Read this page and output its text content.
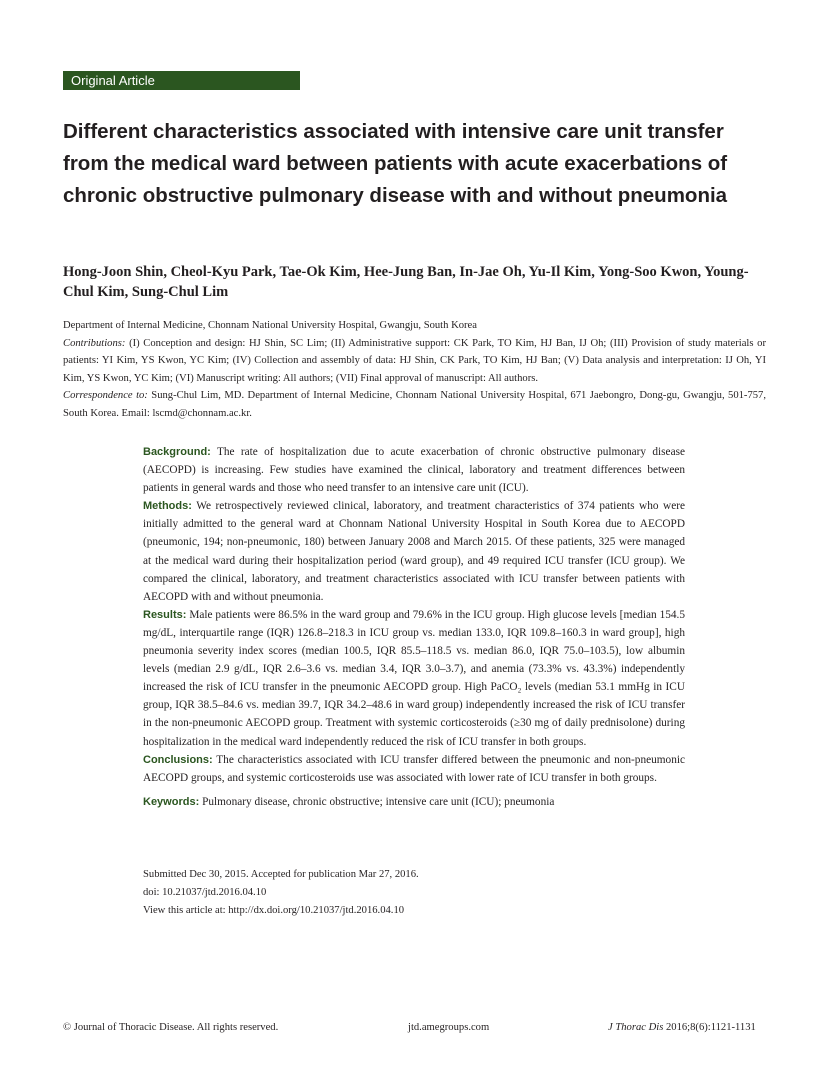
Original Article
Different characteristics associated with intensive care unit transfer from the medical ward between patients with acute exacerbations of chronic obstructive pulmonary disease with and without pneumonia
Hong-Joon Shin, Cheol-Kyu Park, Tae-Ok Kim, Hee-Jung Ban, In-Jae Oh, Yu-Il Kim, Yong-Soo Kwon, Young-Chul Kim, Sung-Chul Lim

Department of Internal Medicine, Chonnam National University Hospital, Gwangju, South Korea

Contributions: (I) Conception and design: HJ Shin, SC Lim; (II) Administrative support: CK Park, TO Kim, HJ Ban, IJ Oh; (III) Provision of study materials or patients: YI Kim, YS Kwon, YC Kim; (IV) Collection and assembly of data: HJ Shin, CK Park, TO Kim, HJ Ban; (V) Data analysis and interpretation: IJ Oh, YI Kim, YS Kwon, YC Kim; (VI) Manuscript writing: All authors; (VII) Final approval of manuscript: All authors.

Correspondence to: Sung-Chul Lim, MD. Department of Internal Medicine, Chonnam National University Hospital, 671 Jaebongro, Dong-gu, Gwangju, 501-757, South Korea. Email: lscmd@chonnam.ac.kr.

Background: The rate of hospitalization due to acute exacerbation of chronic obstructive pulmonary disease (AECOPD) is increasing. Few studies have examined the clinical, laboratory and treatment differences between patients in general wards and those who need transfer to an intensive care unit (ICU).

Methods: We retrospectively reviewed clinical, laboratory, and treatment characteristics of 374 patients who were initially admitted to the general ward at Chonnam National University Hospital in South Korea due to AECOPD (pneumonic, 194; non-pneumonic, 180) between January 2008 and March 2015. Of these patients, 325 were managed at the medical ward during their hospitalization period (ward group), and 49 required ICU transfer (ICU group). We compared the clinical, laboratory, and treatment characteristics associated with ICU transfer between patients with AECOPD with and without pneumonia.

Results: Male patients were 86.5% in the ward group and 79.6% in the ICU group. High glucose levels [median 154.5 mg/dL, interquartile range (IQR) 126.8–218.3 in ICU group vs. median 133.0, IQR 109.8–160.3 in ward group], high pneumonia severity index scores (median 100.5, IQR 85.5–118.5 vs. median 86.0, IQR 75.0–103.5), low albumin levels (median 2.9 g/dL, IQR 2.6–3.6 vs. median 3.4, IQR 3.0–3.7), and anemia (73.3% vs. 43.3%) independently increased the risk of ICU transfer in the pneumonic AECOPD group. High PaCO₂ levels (median 53.1 mmHg in ICU group, IQR 38.5–84.6 vs. median 39.7, IQR 34.2–48.6 in ward group) independently increased the risk of ICU transfer in the non-pneumonic AECOPD group. Treatment with systemic corticosteroids (≥30 mg of daily prednisolone) during hospitalization in the medical ward independently reduced the risk of ICU transfer in both groups.

Conclusions: The characteristics associated with ICU transfer differed between the pneumonic and non-pneumonic AECOPD groups, and systemic corticosteroids use was associated with lower rate of ICU transfer in both groups.

Keywords: Pulmonary disease, chronic obstructive; intensive care unit (ICU); pneumonia

Submitted Dec 30, 2015. Accepted for publication Mar 27, 2016.
doi: 10.21037/jtd.2016.04.10
View this article at: http://dx.doi.org/10.21037/jtd.2016.04.10
© Journal of Thoracic Disease. All rights reserved.	jtd.amegroups.com	J Thorac Dis 2016;8(6):1121-1131
